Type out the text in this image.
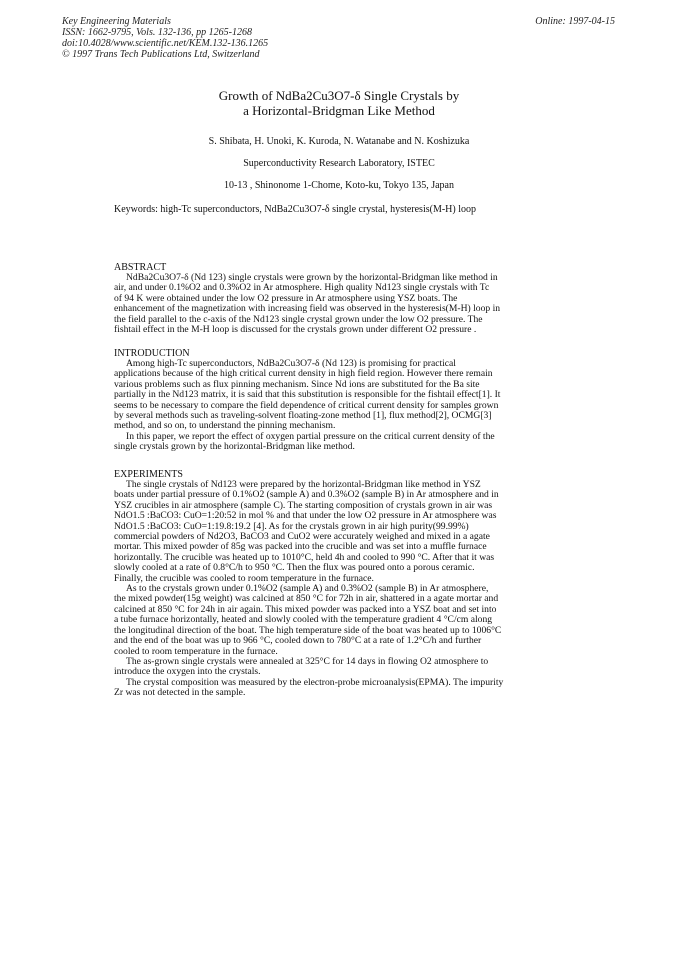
Key Engineering Materials
ISSN: 1662-9795, Vols. 132-136, pp 1265-1268
doi:10.4028/www.scientific.net/KEM.132-136.1265
© 1997 Trans Tech Publications Ltd, Switzerland
Online: 1997-04-15
Growth of NdBa2Cu3O7-δ Single Crystals by
a Horizontal-Bridgman Like Method
S. Shibata, H. Unoki, K. Kuroda, N. Watanabe and N. Koshizuka
Superconductivity Research Laboratory, ISTEC
10-13 , Shinonome 1-Chome, Koto-ku, Tokyo 135, Japan
Keywords: high-Tc superconductors, NdBa2Cu3O7-δ single crystal, hysteresis(M-H) loop
ABSTRACT

NdBa2Cu3O7-δ (Nd 123) single crystals were grown by the horizontal-Bridgman like method in

air, and under 0.1%O2 and 0.3%O2 in Ar atmosphere. High quality Nd123 single crystals with Tc

of 94 K were obtained under the low O2 pressure in Ar atmosphere using YSZ boats. The

enhancement of the magnetization with increasing field was observed in the hysteresis(M-H) loop in

the field parallel to the c-axis of the Nd123 single crystal grown under the low O2 pressure. The

fishtail effect in the M-H loop is discussed for the crystals grown under different O2 pressure .

INTRODUCTION

Among high-Tc superconductors, NdBa2Cu3O7-δ (Nd 123) is promising for practical

applications because of the high critical current density in high field region. However there remain

various problems such as flux pinning mechanism. Since Nd ions are substituted for the Ba site

partially in the Nd123 matrix, it is said that this substitution is responsible for the fishtail effect[1]. It

seems to be necessary to compare the field dependence of critical current density for samples grown

by several methods such as traveling-solvent floating-zone method [1], flux method[2], OCMG[3]

method, and so on, to understand the pinning mechanism.

In this paper, we report the effect of oxygen partial pressure on the critical current density of the

single crystals grown by the horizontal-Bridgman like method.

EXPERIMENTS

The single crystals of Nd123 were prepared by the horizontal-Bridgman like method in YSZ

boats under partial pressure of 0.1%O2 (sample A) and 0.3%O2 (sample B) in Ar atmosphere and in

YSZ crucibles in air atmosphere (sample C). The starting composition of crystals grown in air was

NdO1.5 :BaCO3: CuO=1:20:52 in mol % and that under the low O2 pressure in Ar atmosphere was

NdO1.5 :BaCO3: CuO=1:19.8:19.2 [4]. As for the crystals grown in air high purity(99.99%)

commercial powders of Nd2O3, BaCO3 and CuO2 were accurately weighed and mixed in a agate

mortar. This mixed powder of 85g was packed into the crucible and was set into a muffle furnace

horizontally. The crucible was heated up to 1010°C, held 4h and cooled to 990 °C. After that it was

slowly cooled at a rate of 0.8°C/h to 950 °C. Then the flux was poured onto a porous ceramic.

Finally, the crucible was cooled to room temperature in the furnace.

As to the crystals grown under 0.1%O2 (sample A) and 0.3%O2 (sample B) in Ar atmosphere,

the mixed powder(15g weight) was calcined at 850 °C for 72h in air, shattered in a agate mortar and

calcined at 850 °C for 24h in air again. This mixed powder was packed into a YSZ boat and set into

a tube furnace horizontally, heated and slowly cooled with the temperature gradient 4 °C/cm along

the longitudinal direction of the boat. The high temperature side of the boat was heated up to 1006°C

and the end of the boat was up to 966 °C, cooled down to 780°C at a rate of 1.2°C/h and further

cooled to room temperature in the furnace.

The as-grown single crystals were annealed at 325°C for 14 days in flowing O2 atmosphere to

introduce the oxygen into the crystals.

The crystal composition was measured by the electron-probe microanalysis(EPMA). The impurity

Zr was not detected in the sample.
